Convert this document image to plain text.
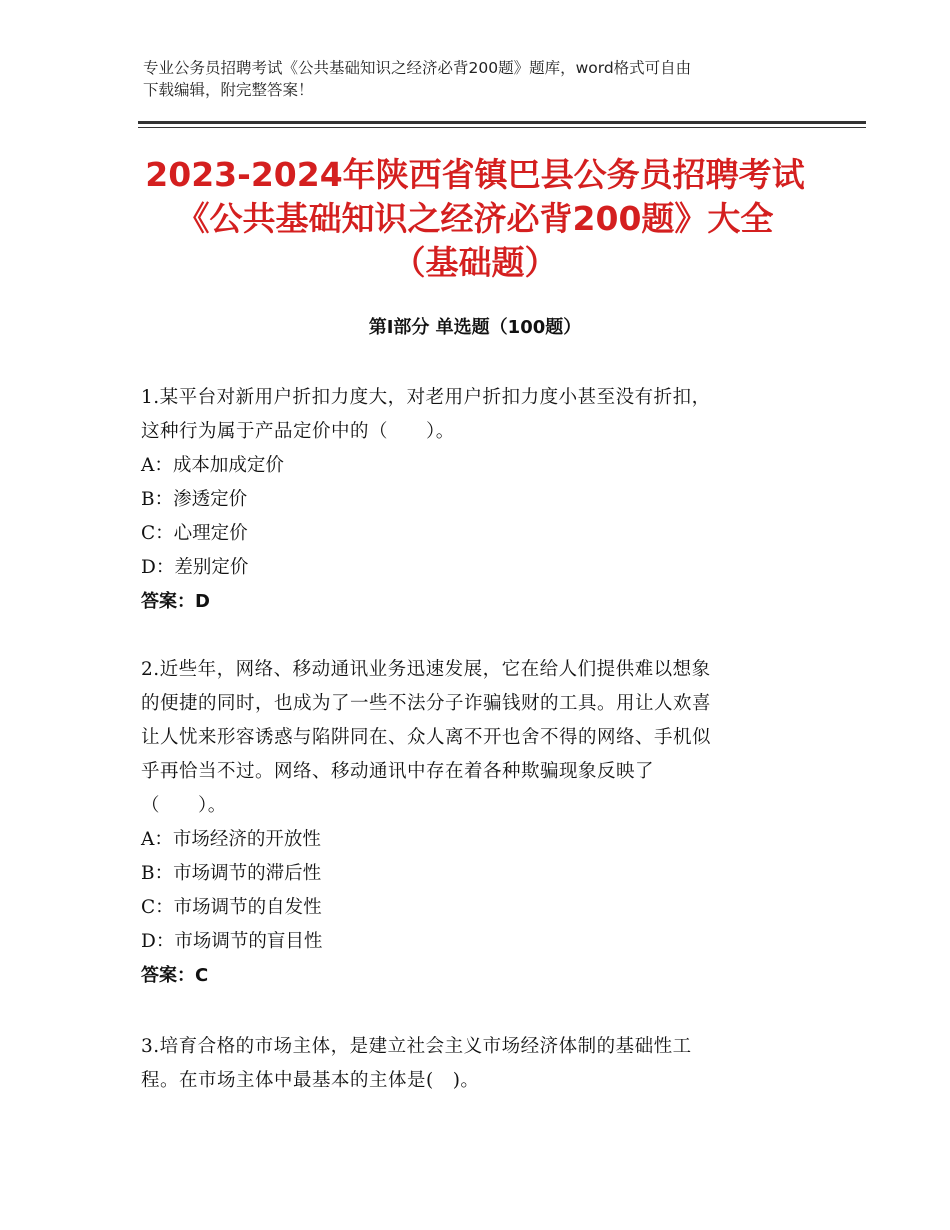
专业公务员招聘考试《公共基础知识之经济必背200题》题库，word格式可自由
下载编辑，附完整答案！
2023-2024年陕西省镇巴县公务员招聘考试
《公共基础知识之经济必背200题》大全
（基础题）
第I部分 单选题（100题）
1.某平台对新用户折扣力度大，对老用户折扣力度小甚至没有折扣，
这种行为属于产品定价中的（　　）。
A：成本加成定价
B：渗透定价
C：心理定价
D：差别定价
答案：D
2.近些年，网络、移动通讯业务迅速发展，它在给人们提供难以想象
的便捷的同时，也成为了一些不法分子诈骗钱财的工具。用让人欢喜
让人忧来形容诱惑与陷阱同在、众人离不开也舍不得的网络、手机似
乎再恰当不过。网络、移动通讯中存在着各种欺骗现象反映了
（　　）。
A：市场经济的开放性
B：市场调节的滞后性
C：市场调节的自发性
D：市场调节的盲目性
答案：C
3.培育合格的市场主体，是建立社会主义市场经济体制的基础性工
程。在市场主体中最基本的主体是(　)。
